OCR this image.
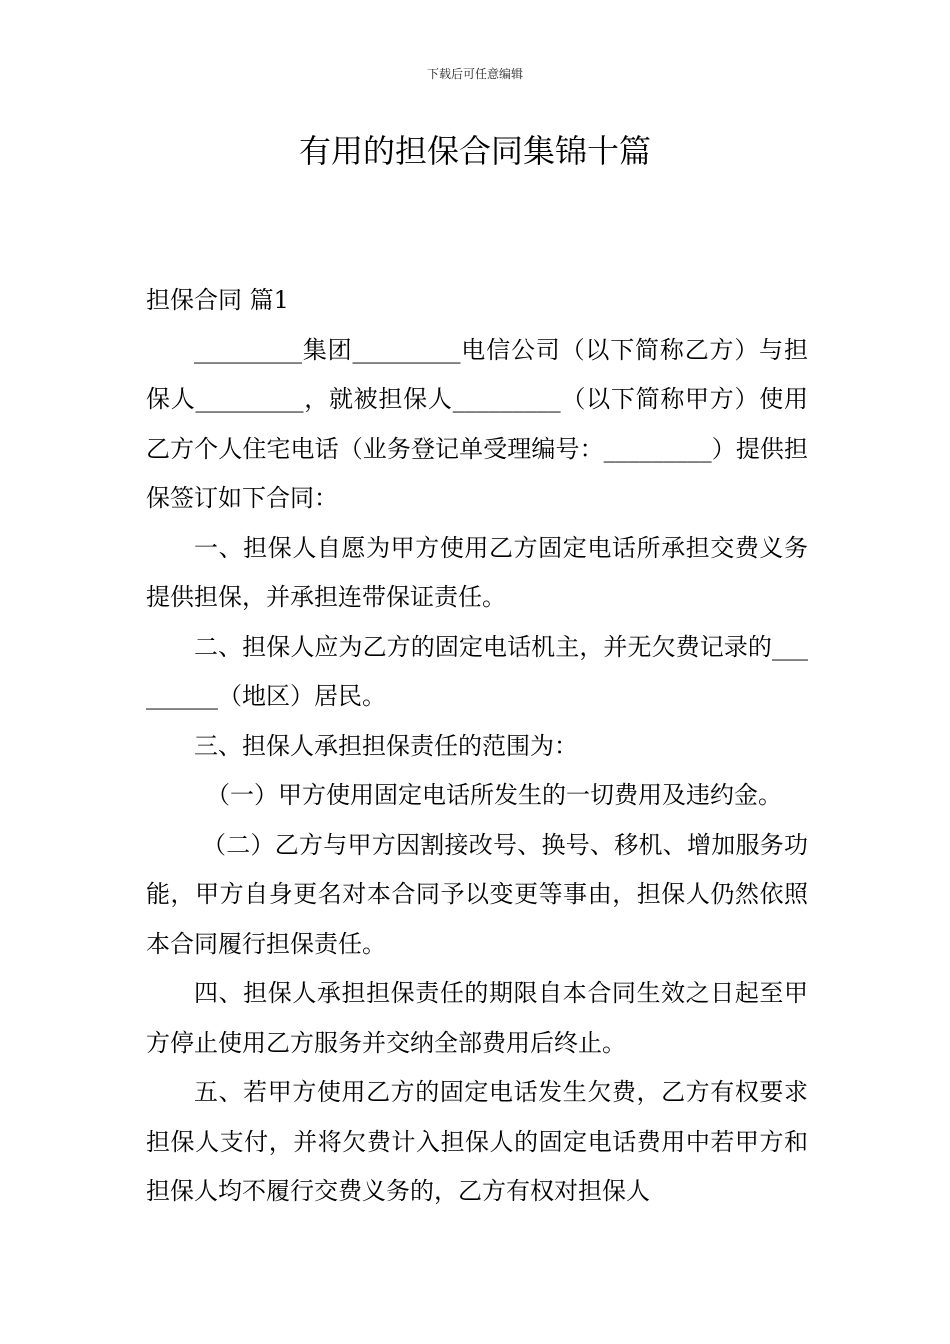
下载后可任意编辑
有用的担保合同集锦十篇

担保合同 篇1

_________集团_________电信公司（以下简称乙方）与担保人_________，就被担保人_________（以下简称甲方）使用乙方个人住宅电话（业务登记单受理编号：_________）提供担保签订如下合同：

一、担保人自愿为甲方使用乙方固定电话所承担交费义务提供担保，并承担连带保证责任。

二、担保人应为乙方的固定电话机主，并无欠费记录的_________（地区）居民。

三、担保人承担担保责任的范围为：

（一）甲方使用固定电话所发生的一切费用及违约金。

（二）乙方与甲方因割接改号、换号、移机、增加服务功能，甲方自身更名对本合同予以变更等事由，担保人仍然依照本合同履行担保责任。

四、担保人承担担保责任的期限自本合同生效之日起至甲方停止使用乙方服务并交纳全部费用后终止。

五、若甲方使用乙方的固定电话发生欠费，乙方有权要求担保人支付，并将欠费计入担保人的固定电话费用中若甲方和担保人均不履行交费义务的，乙方有权对担保人
